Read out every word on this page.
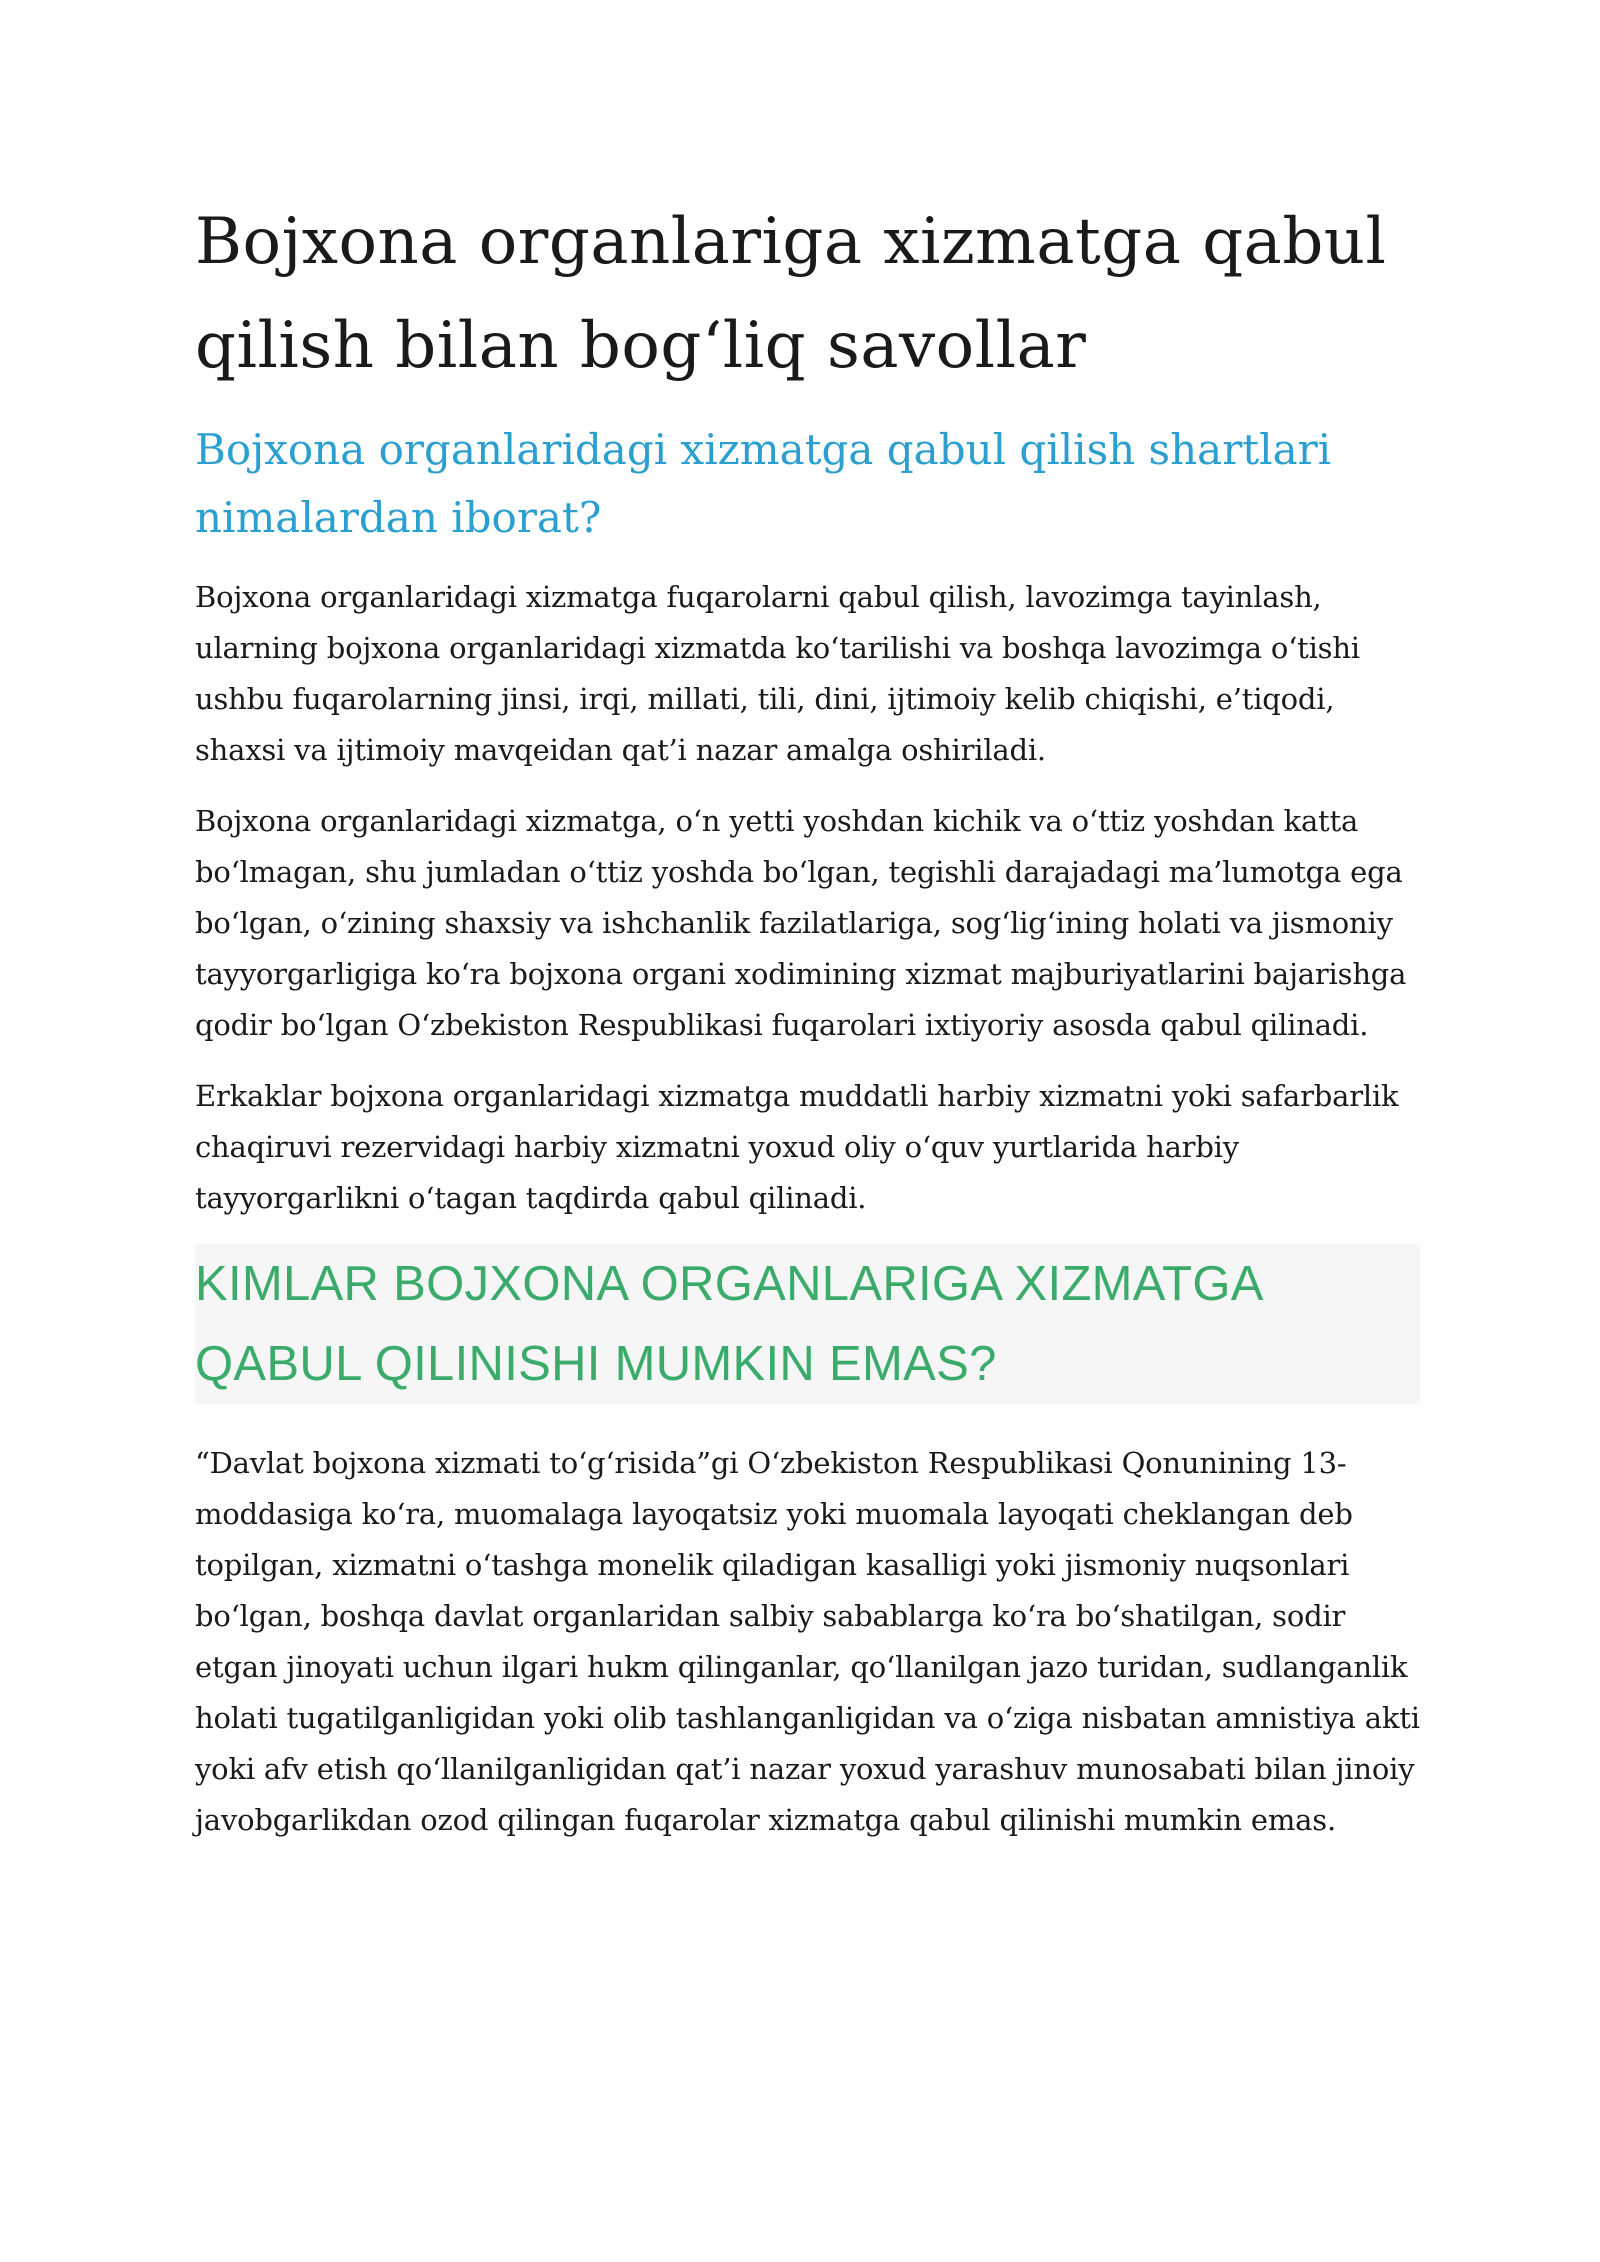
Bojxona organlariga xizmatga qabul qilish bilan bog‘liq savollar
Bojxona organlaridagi xizmatga qabul qilish shartlari nimalardan iborat?

Bojxona organlaridagi xizmatga fuqarolarni qabul qilish, lavozimga tayinlash, ularning bojxona organlaridagi xizmatda ko‘tarilishi va boshqa lavozimga o‘tishi ushbu fuqarolarning jinsi, irqi, millati, tili, dini, ijtimoiy kelib chiqishi, e’tiqodi, shaxsi va ijtimoiy mavqeidan qat’i nazar amalga oshiriladi.

Bojxona organlaridagi xizmatga, o‘n yetti yoshdan kichik va o‘ttiz yoshdan katta bo‘lmagan, shu jumladan o‘ttiz yoshda bo‘lgan, tegishli darajadagi ma’lumotga ega bo‘lgan, o‘zining shaxsiy va ishchanlik fazilatlariga, sog‘lig‘ining holati va jismoniy tayyorgarligiga ko‘ra bojxona organi xodimining xizmat majburiyatlarini bajarishga qodir bo‘lgan O‘zbekiston Respublikasi fuqarolari ixtiyoriy asosda qabul qilinadi.

Erkaklar bojxona organlaridagi xizmatga muddatli harbiy xizmatni yoki safarbarlik chaqiruvi rezervidagi harbiy xizmatni yoxud oliy o‘quv yurtlarida harbiy tayyorgarlikni o‘tagan taqdirda qabul qilinadi.

KIMLAR BOJXONA ORGANLARIGA XIZMATGA QABUL QILINISHI MUMKIN EMAS?

“Davlat bojxona xizmati to‘g‘risida”gi O‘zbekiston Respublikasi Qonunining 13-moddasiga ko‘ra, muomalaga layoqatsiz yoki muomala layoqati cheklangan deb topilgan, xizmatni o‘tashga monelik qiladigan kasalligi yoki jismoniy nuqsonlari bo‘lgan, boshqa davlat organlaridan salbiy sabablarga ko‘ra bo‘shatilgan, sodir etgan jinoyati uchun ilgari hukm qilinganlar, qo‘llanilgan jazo turidan, sudlanganlik holati tugatilganligidan yoki olib tashlanganligidan va o‘ziga nisbatan amnistiya akti yoki afv etish qo‘llanilganligidan qat’i nazar yoxud yarashuv munosabati bilan jinoiy javobgarlikdan ozod qilingan fuqarolar xizmatga qabul qilinishi mumkin emas.
